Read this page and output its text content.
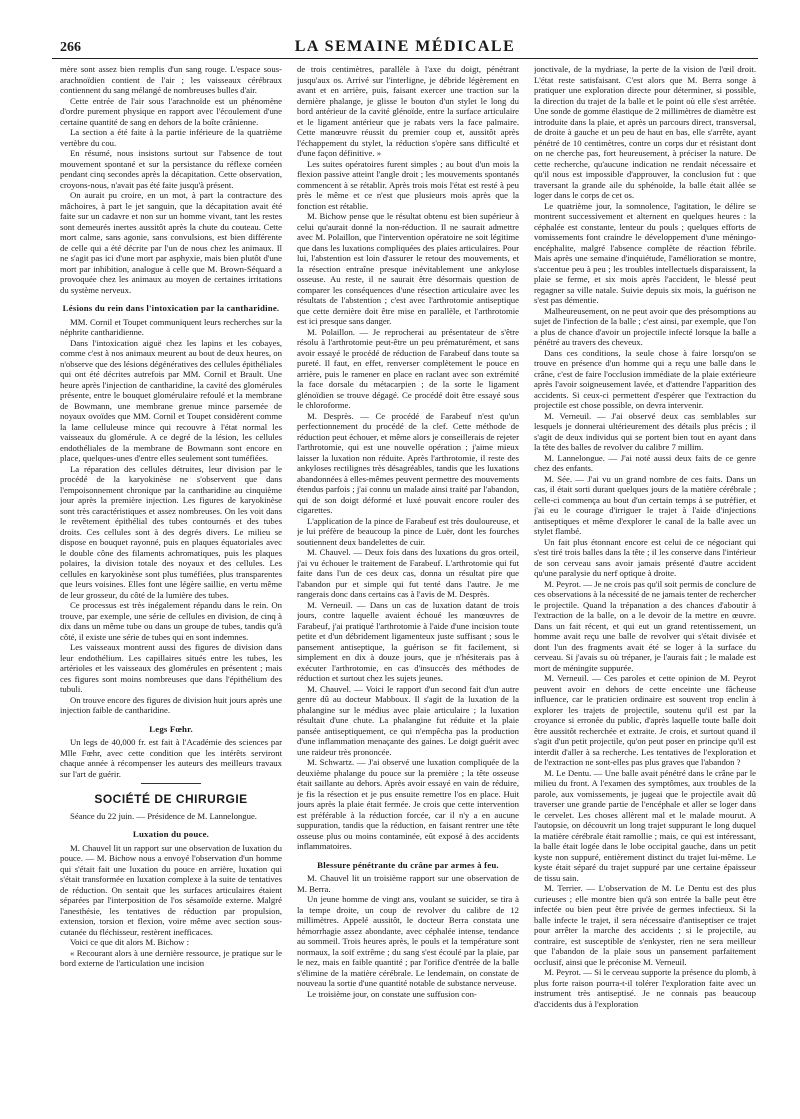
266	LA SEMAINE MÉDICALE

mère sont assez bien remplis d'un sang rouge. L'espace sous-arachnoïdien contient de l'air ; les vaisseaux cérébraux contiennent du sang mélangé de nombreuses bulles d'air.

Cette entrée de l'air sous l'arachnoïde est un phénomène d'ordre purement physique en rapport avec l'écoulement d'une certaine quantité de sang en dehors de la boîte crânienne.

La section a été faite à la partie inférieure de la quatrième vertèbre du cou.

En résumé, nous insistons surtout sur l'absence de tout mouvement spontané et sur la persistance du réflexe cornéen pendant cinq secondes après la décapitation. Cette observation, croyons-nous, n'avait pas été faite jusqu'à présent.

On aurait pu croire, en un mot, à part la contracture des mâchoires, à part le jet sanguin, que la décapitation avait été faite sur un cadavre et non sur un homme vivant, tant les restes sont demeurés inertes aussitôt après la chute du couteau. Cette mort calme, sans agonie, sans convulsions, est bien différente de celle qui a été décrite par l'un de nous chez les animaux. Il ne s'agit pas ici d'une mort par asphyxie, mais bien plutôt d'une mort par inhibition, analogue à celle que M. Brown-Séquard a provoquée chez les animaux au moyen de certaines irritations du système nerveux.

Lésions du rein dans l'intoxication par la cantharidine.

MM. Cornil et Toupet communiquent leurs recherches sur la néphrite cantharidienne.

Dans l'intoxication aiguë chez les lapins et les cobayes, comme c'est à nos animaux meurent au bout de deux heures, on n'observe que des lésions dégénératives des cellules épithéliales qui ont été décrites autrefois par MM. Cornil et Brault. Une heure après l'injection de cantharidine, la cavité des glomérules présente, entre le bouquet glomérulaire refoulé et la membrane de Bowmann, une membrane grenue mince parsemée de noyaux ovoïdes que MM. Cornil et Toupet considèrent comme la lame celluleuse mince qui recouvre à l'état normal les vaisseaux du glomérule. A ce degré de la lésion, les cellules endothéliales de la membrane de Bowmann sont encore en place, quelques-unes d'entre elles seulement sont tuméfiées.

La réparation des cellules détruites, leur division par le procédé de la karyokinèse ne s'observent que dans l'empoisonnement chronique par la cantharidine au cinquième jour après la première injection. Les figures de karyokinèse sont très caractéristiques et assez nombreuses. On les voit dans le revêtement épithélial des tubes contournés et des tubes droits. Ces cellules sont à des degrés divers. Le milieu se dispose en bouquet rayonné, puis en plaques équatoriales avec le double cône des filaments achromatiques, puis les plaques polaires, la division totale des noyaux et des cellules. Les cellules en karyokinèse sont plus tuméfiées, plus transparentes que leurs voisines. Elles font une légère saillie, en vertu même de leur grosseur, du côté de la lumière des tubes.

Ce processus est très inégalement répandu dans le rein. On trouve, par exemple, une série de cellules en division, de cinq à dix dans un même tube ou dans un groupe de tubes, tandis qu'à côté, il existe une série de tubes qui en sont indemnes.

Les vaisseaux montrent aussi des figures de division dans leur endothélium. Les capillaires situés entre les tubes, les artérioles et les vaisseaux des glomérules en présentent ; mais ces figures sont moins nombreuses que dans l'épithélium des tubuli.

On trouve encore des figures de division huit jours après une injection faible de cantharidine.

Legs Fœhr.

Un legs de 40,000 fr. est fait à l'Académie des sciences par Mlle Fœhr, avec cette condition que les intérêts serviront chaque année à récompenser les auteurs des meilleurs travaux sur l'art de guérir.

SOCIÉTÉ DE CHIRURGIE

Séance du 22 juin. — Présidence de M. Lannelongue.

Luxation du pouce.

M. Chauvel lit un rapport sur une observation de luxation du pouce. — M. Bichow nous a envoyé l'observation d'un homme qui s'était fait une luxation du pouce en arrière, luxation qui s'était transformée en luxation complexe à la suite de tentatives de réduction. On sentait que les surfaces articulaires étaient séparées par l'interposition de l'os sésamoïde externe. Malgré l'anesthésie, les tentatives de réduction par propulsion, extension, torsion et flexion, voire même avec section sous-cutanée du fléchisseur, restèrent inefficaces.

Voici ce que dit alors M. Bichow :

« Recourant alors à une dernière ressource, je pratique sur le bord externe de l'articulation une incision

de trois centimètres, parallèle à l'axe du doigt, pénétrant jusqu'aux os. Arrivé sur l'interligne, je débride légèrement en avant et en arrière, puis, faisant exercer une traction sur la dernière phalange, je glisse le bouton d'un stylet le long du bord antérieur de la cavité glénoïde, entre la surface articulaire et le ligament antérieur que je rabats vers la face palmaire. Cette manœuvre réussit du premier coup et, aussitôt après l'échappement du stylet, la réduction s'opère sans difficulté et d'une façon définitive. »

Les suites opératoires furent simples ; au bout d'un mois la flexion passive atteint l'angle droit ; les mouvements spontanés commencent à se rétablir. Après trois mois l'état est resté à peu près le même et ce n'est que plusieurs mois après que la fonction est rétablie.

M. Bichow pense que le résultat obtenu est bien supérieur à celui qu'aurait donné la non-réduction. Il ne saurait admettre avec M. Polaillon, que l'intervention opératoire ne soit légitime que dans les luxations compliquées des plaies articulaires. Pour lui, l'abstention est loin d'assurer le retour des mouvements, et la résection entraîne presque inévitablement une ankylose osseuse. Au reste, il ne saurait être désormais question de comparer les conséquences d'une résection articulaire avec les résultats de l'abstention ; c'est avec l'arthrotomie antiseptique que cette dernière doit être mise en parallèle, et l'arthrotomie est ici presque sans danger.

M. Polaillon. — Je reprocherai au présentateur de s'être résolu à l'arthrotomie peut-être un peu prématurément, et sans avoir essayé le procédé de réduction de Farabeuf dans toute sa pureté. Il faut, en effet, renverser complètement le pouce en arrière, puis le ramener en place en raclant avec son extrémité la face dorsale du métacarpien ; de la sorte le ligament glénoïdien se trouve dégagé. Ce procédé doit être essayé sous le chloroforme.

M. Desprès. — Ce procédé de Farabeuf n'est qu'un perfectionnement du procédé de la clef. Cette méthode de réduction peut échouer, et même alors je conseillerais de rejeter l'arthrotomie, qui est une nouvelle opération ; j'aime mieux laisser la luxation non réduite. Après l'arthrotomie, il reste des ankyloses rectilignes très désagréables, tandis que les luxations abandonnées à elles-mêmes peuvent permettre des mouvements étendus parfois ; j'ai connu un malade ainsi traité par l'abandon, qui de son doigt déformé et luxé pouvait encore rouler des cigarettes.

L'application de la pince de Farabeuf est très douloureuse, et je lui préfère de beaucoup la pince de Luër, dont les fourches soutiennent deux bandelettes de cuir.

M. Chauvel. — Deux fois dans des luxations du gros orteil, j'ai vu échouer le traitement de Farabeuf. L'arthrotomie qui fut faite dans l'un de ces deux cas, donna un résultat pire que l'abandon pur et simple qui fut tenté dans l'autre. Je me rangerais donc dans certains cas à l'avis de M. Desprès.

M. Verneuil. — Dans un cas de luxation datant de trois jours, contre laquelle avaient échoué les manœuvres de Farabeuf, j'ai pratiqué l'arthrotomie à l'aide d'une incision toute petite et d'un débridement ligamenteux juste suffisant ; sous le pansement antiseptique, la guérison se fit facilement, si simplement en dix à douze jours, que je n'hésiterais pas à exécuter l'arthrotomie, en cas d'insuccès des méthodes de réduction et surtout chez les sujets jeunes.

M. Chauvel. — Voici le rapport d'un second fait d'un autre genre dû au docteur Mabboux. Il s'agit de la luxation de la phalangine sur le médius avec plaie articulaire ; la luxation résultait d'une chute. La phalangine fut réduite et la plaie pansée antiseptiquement, ce qui n'empêcha pas la production d'une inflammation menaçante des gaines. Le doigt guérit avec une raideur très prononcée.

M. Schwartz. — J'ai observé une luxation compliquée de la deuxième phalange du pouce sur la première ; la tête osseuse était saillante au dehors. Après avoir essayé en vain de réduire, je fis la résection et je pus ensuite remettre l'os en place. Huit jours après la plaie était fermée. Je crois que cette intervention est préférable à la réduction forcée, car il n'y a en aucune suppuration, tandis que la réduction, en faisant rentrer une tête osseuse plus ou moins contaminée, eût exposé à des accidents inflammatoires.

Blessure pénétrante du crâne par armes à feu.

M. Chauvel lit un troisième rapport sur une observation de M. Berra.

Un jeune homme de vingt ans, voulant se suicider, se tira à la tempe droite, un coup de revolver du calibre de 12 millimètres. Appelé aussitôt, le docteur Berra constata une hémorrhagie assez abondante, avec céphalée intense, tendance au sommeil. Trois heures après, le pouls et la température sont normaux, la soif extrême ; du sang s'est écoulé par la plaie, par le nez, mais en faible quantité ; par l'orifice d'entrée de la balle s'élimine de la matière cérébrale. Le lendemain, on constate de nouveau la sortie d'une quantité notable de substance nerveuse.

Le troisième jour, on constate une suffusion con-

jonctivale, de la mydriase, la perte de la vision de l'œil droit. L'état reste satisfaisant. C'est alors que M. Berra songe à pratiquer une exploration directe pour déterminer, si possible, la direction du trajet de la balle et le point où elle s'est arrêtée. Une sonde de gomme élastique de 2 millimètres de diamètre est introduite dans la plaie, et après un parcours direct, transversal, de droite à gauche et un peu de haut en bas, elle s'arrête, ayant pénétré de 10 centimètres, contre un corps dur et résistant dont on ne cherche pas, fort heureusement, à préciser la nature. De cette recherche, qu'aucune indication ne rendait nécessaire et qu'il nous est impossible d'approuver, la conclusion fut : que traversant la grande aile du sphénoïde, la balle était allée se loger dans le corps de cet os.

Le quatrième jour, la somnolence, l'agitation, le délire se montrent successivement et alternent en quelques heures : la céphalée est constante, lenteur du pouls ; quelques efforts de vomissements font craindre le développement d'une méningo-encéphalite, malgré l'absence complète de réaction fébrile. Mais après une semaine d'inquiétude, l'amélioration se montre, s'accentue peu à peu ; les troubles intellectuels disparaissent, la plaie se ferme, et six mois après l'accident, le blessé peut regagner sa ville natale. Suivie depuis six mois, la guérison ne s'est pas démentie.

Malheureusement, on ne peut avoir que des présomptions au sujet de l'infection de la balle ; c'est ainsi, par exemple, que l'on a plus de chance d'avoir un projectile infecté lorsque la balle a pénétré au travers des cheveux.

Dans ces conditions, la seule chose à faire lorsqu'on se trouve en présence d'un homme qui a reçu une balle dans le crâne, c'est de faire l'occlusion immédiate de la plaie extérieure après l'avoir soigneusement lavée, et d'attendre l'apparition des accidents. Si ceux-ci permettent d'espérer que l'extraction du projectile est chose possible, on devra intervenir.

M. Verneuil. — J'ai observé deux cas semblables sur lesquels je donnerai ultérieurement des détails plus précis ; il s'agit de deux individus qui se portent bien tout en ayant dans la tête des balles de revolver du calibre 7 millim.

M. Lannelongue. — J'ai noté aussi deux faits de ce genre chez des enfants.

M. Sée. — J'ai vu un grand nombre de ces faits. Dans un cas, il était sorti durant quelques jours de la matière cérébrale ; celle-ci commença au bout d'un certain temps à se putréfier, et j'ai eu le courage d'irriguer le trajet à l'aide d'injections antiseptiques et même d'explorer le canal de la balle avec un stylet flambé.

Un fait plus étonnant encore est celui de ce négociant qui s'est tiré trois balles dans la tête ; il les conserve dans l'intérieur de son cerveau sans avoir jamais présenté d'autre accident qu'une paralysie du nerf optique à droite.

M. Peyrot. — Je ne crois pas qu'il soit permis de conclure de ces observations à la nécessité de ne jamais tenter de rechercher le projectile. Quand la trépanation a des chances d'aboutir à l'extraction de la balle, on a le devoir de la mettre en œuvre. Dans un fait récent, et qui eut un grand retentissement, un homme avait reçu une balle de revolver qui s'était divisée et dont l'un des fragments avait été se loger à la surface du cerveau. Si j'avais su où trépaner, je l'aurais fait ; le malade est mort de méningite suppurée.

M. Verneuil. — Ces paroles et cette opinion de M. Peyrot peuvent avoir en dehors de cette enceinte une fâcheuse influence, car le praticien ordinaire est souvent trop enclin à explorer les trajets de projectile, soutenu qu'il est par la croyance si erronée du public, d'après laquelle toute balle doit être aussitôt recherchée et extraite. Je crois, et surtout quand il s'agit d'un petit projectile, qu'on peut poser en principe qu'il est interdit d'aller à sa recherche. Les tentatives de l'exploration et de l'extraction ne sont-elles pas plus graves que l'abandon ?

M. Le Dentu. — Une balle avait pénétré dans le crâne par le milieu du front. A l'examen des symptômes, aux troubles de la parole, aux vomissements, je jugeai que le projectile avait dû traverser une grande partie de l'encéphale et aller se loger dans le cervelet. Les choses allèrent mal et le malade mourut. A l'autopsie, on découvrit un long trajet suppurant le long duquel la matière cérébrale était ramollie ; mais, ce qui est intéressant, la balle était logée dans le lobe occipital gauche, dans un petit kyste non suppuré, entièrement distinct du trajet lui-même. Le kyste était séparé du trajet suppuré par une certaine épaisseur de tissu sain.

M. Terrier. — L'observation de M. Le Dentu est des plus curieuses ; elle montre bien qu'à son entrée la balle peut être infectée ou bien peut être privée de germes infectieux. Si la balle infecte le trajet, il sera nécessaire d'antiseptiser ce trajet pour arrêter la marche des accidents ; si le projectile, au contraire, est susceptible de s'enkyster, rien ne sera meilleur que l'abandon de la plaie sous un pansement parfaitement occlusif, ainsi que le préconise M. Verneuil.

M. Peyrot. — Si le cerveau supporte la présence du plomb, à plus forte raison pourra-t-il tolérer l'exploration faite avec un instrument très antiseptisé. Je ne connais pas beaucoup d'accidents dus à l'exploration
